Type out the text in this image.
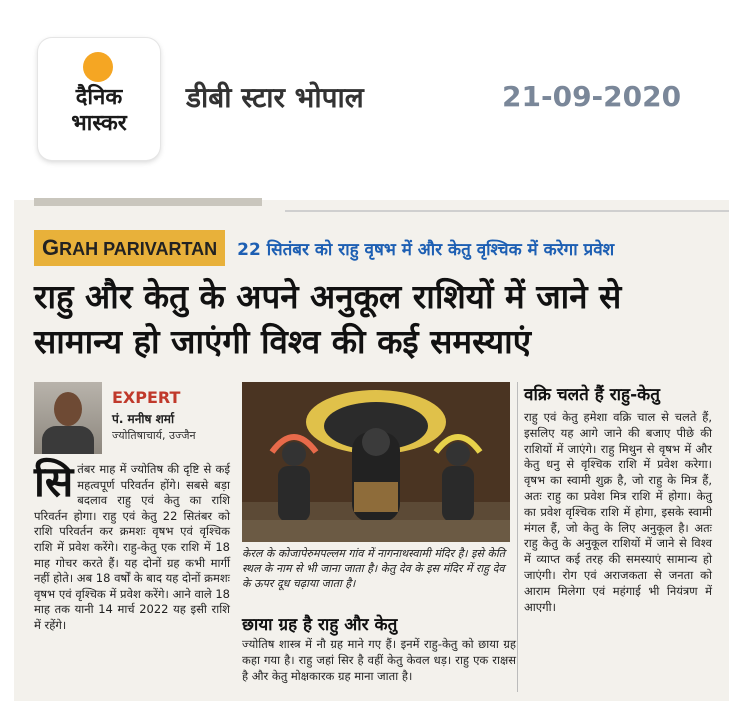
दैनिक
भास्कर
डीबी स्टार भोपाल	21-09-2020
GRAH PARIVARTAN	22 सितंबर को राहु वृषभ में और केतु वृश्चिक में करेगा प्रवेश
राहु और केतु के अपने अनुकूल राशियों में जाने से सामान्य हो जाएंगी विश्व की कई समस्याएं
EXPERT
पं. मनीष शर्मा
ज्योतिषाचार्य, उज्जैन
सि तंबर माह में ज्योतिष की दृष्टि से कई महत्वपूर्ण परिवर्तन होंगे। सबसे बड़ा बदलाव राहु एवं केतु का राशि परिवर्तन होगा। राहु एवं केतु 22 सितंबर को राशि परिवर्तन कर क्रमशः वृषभ एवं वृश्चिक राशि में प्रवेश करेंगे। राहु-केतु एक राशि में 18 माह गोचर करते हैं। यह दोनों ग्रह कभी मार्गी नहीं होते। अब 18 वर्षों के बाद यह दोनों क्रमशः वृषभ एवं वृश्चिक में प्रवेश करेंगे। आने वाले 18 माह तक यानी 14 मार्च 2022 यह इसी राशि में रहेंगे।
केरल के कोजापेरुमपल्लम गांव में नागनाथस्वामी मंदिर है। इसे केति स्थल के नाम से भी जाना जाता है। केतु देव के इस मंदिर में राहु देव के ऊपर दूध चढ़ाया जाता है।
छाया ग्रह है राहु और केतु
ज्योतिष शास्त्र में नौ ग्रह माने गए हैं। इनमें राहु-केतु को छाया ग्रह कहा गया है। राहु जहां सिर है वहीं केतु केवल धड़। राहु एक राक्षस है और केतु मोक्षकारक ग्रह माना जाता है।
वक्रि चलते हैं राहु-केतु
राहु एवं केतु हमेशा वक्रि चाल से चलते हैं, इसलिए यह आगे जाने की बजाए पीछे की राशियों में जाएंगे। राहु मिथुन से वृषभ में और केतु धनु से वृश्चिक राशि में प्रवेश करेगा। वृषभ का स्वामी शुक्र है, जो राहु के मित्र हैं, अतः राहु का प्रवेश मित्र राशि में होगा। केतु का प्रवेश वृश्चिक राशि में होगा, इसके स्वामी मंगल हैं, जो केतु के लिए अनुकूल है। अतः राहु केतु के अनुकूल राशियों में जाने से विश्व में व्याप्त कई तरह की समस्याएं सामान्य हो जाएंगी। रोग एवं अराजकता से जनता को आराम मिलेगा एवं महंगाई भी नियंत्रण में आएगी।
